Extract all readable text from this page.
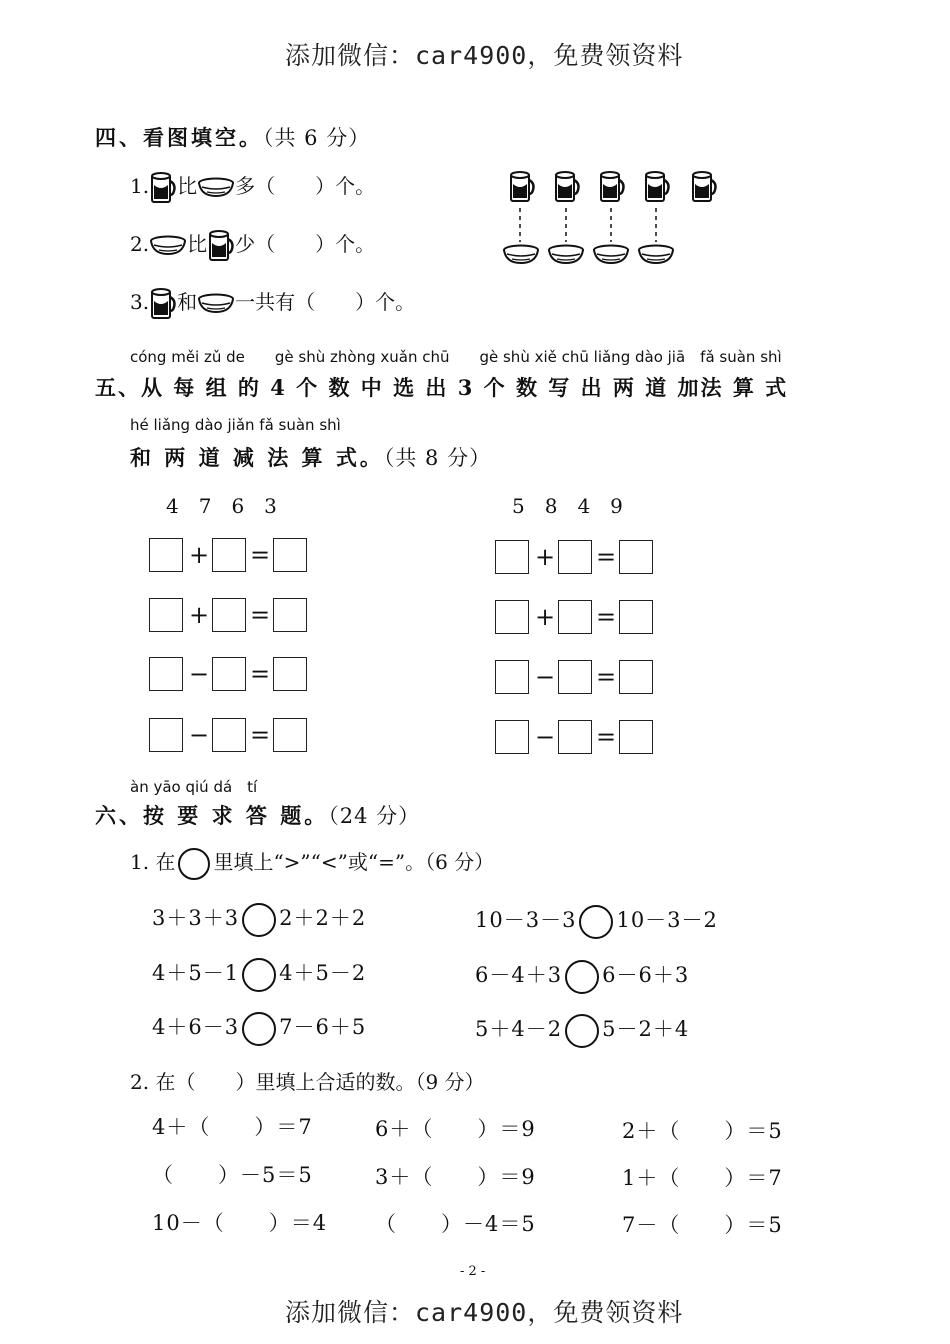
添加微信：car4900，免费领资料
四、看图填空。（共 6 分）
1. 比 多（　　）个。
2. 比 少（　　）个。
3. 和 一共有（　　）个。
cóng měi zǔ de　　gè shù zhòng xuǎn chū　　gè shù xiě chū liǎng dào jiā　fǎ suàn shì
五、从 每 组 的 4 个 数 中 选 出 3 个 数 写 出 两 道 加法 算 式
hé liǎng dào jiǎn fǎ suàn shì
和 两 道 减 法 算 式。（共 8 分）
4　7　6　3	5　8　4　9
+ =
+ =
− =
− =
+ =
+ =
− =
− =
àn yāo qiú dá　tí
六、按 要 求 答 题。（24 分）
1. 在 里填上“>”“<”或“=”。（6 分）
3＋3＋3 2＋2＋2
4＋5－1 4＋5－2
4＋6－3 7－6＋5
10－3－3 10－3－2
6－4＋3 6－6＋3
5＋4－2 5－2＋4
2. 在（　　）里填上合适的数。（9 分）
4＋（　　）＝7	6＋（　　）＝9	2＋（　　）＝5
（　　）－5＝5	3＋（　　）＝9	1＋（　　）＝7
10－（　　）＝4 （　　）－4＝5	7－（　　）＝5
- 2 -
添加微信：car4900，免费领资料
